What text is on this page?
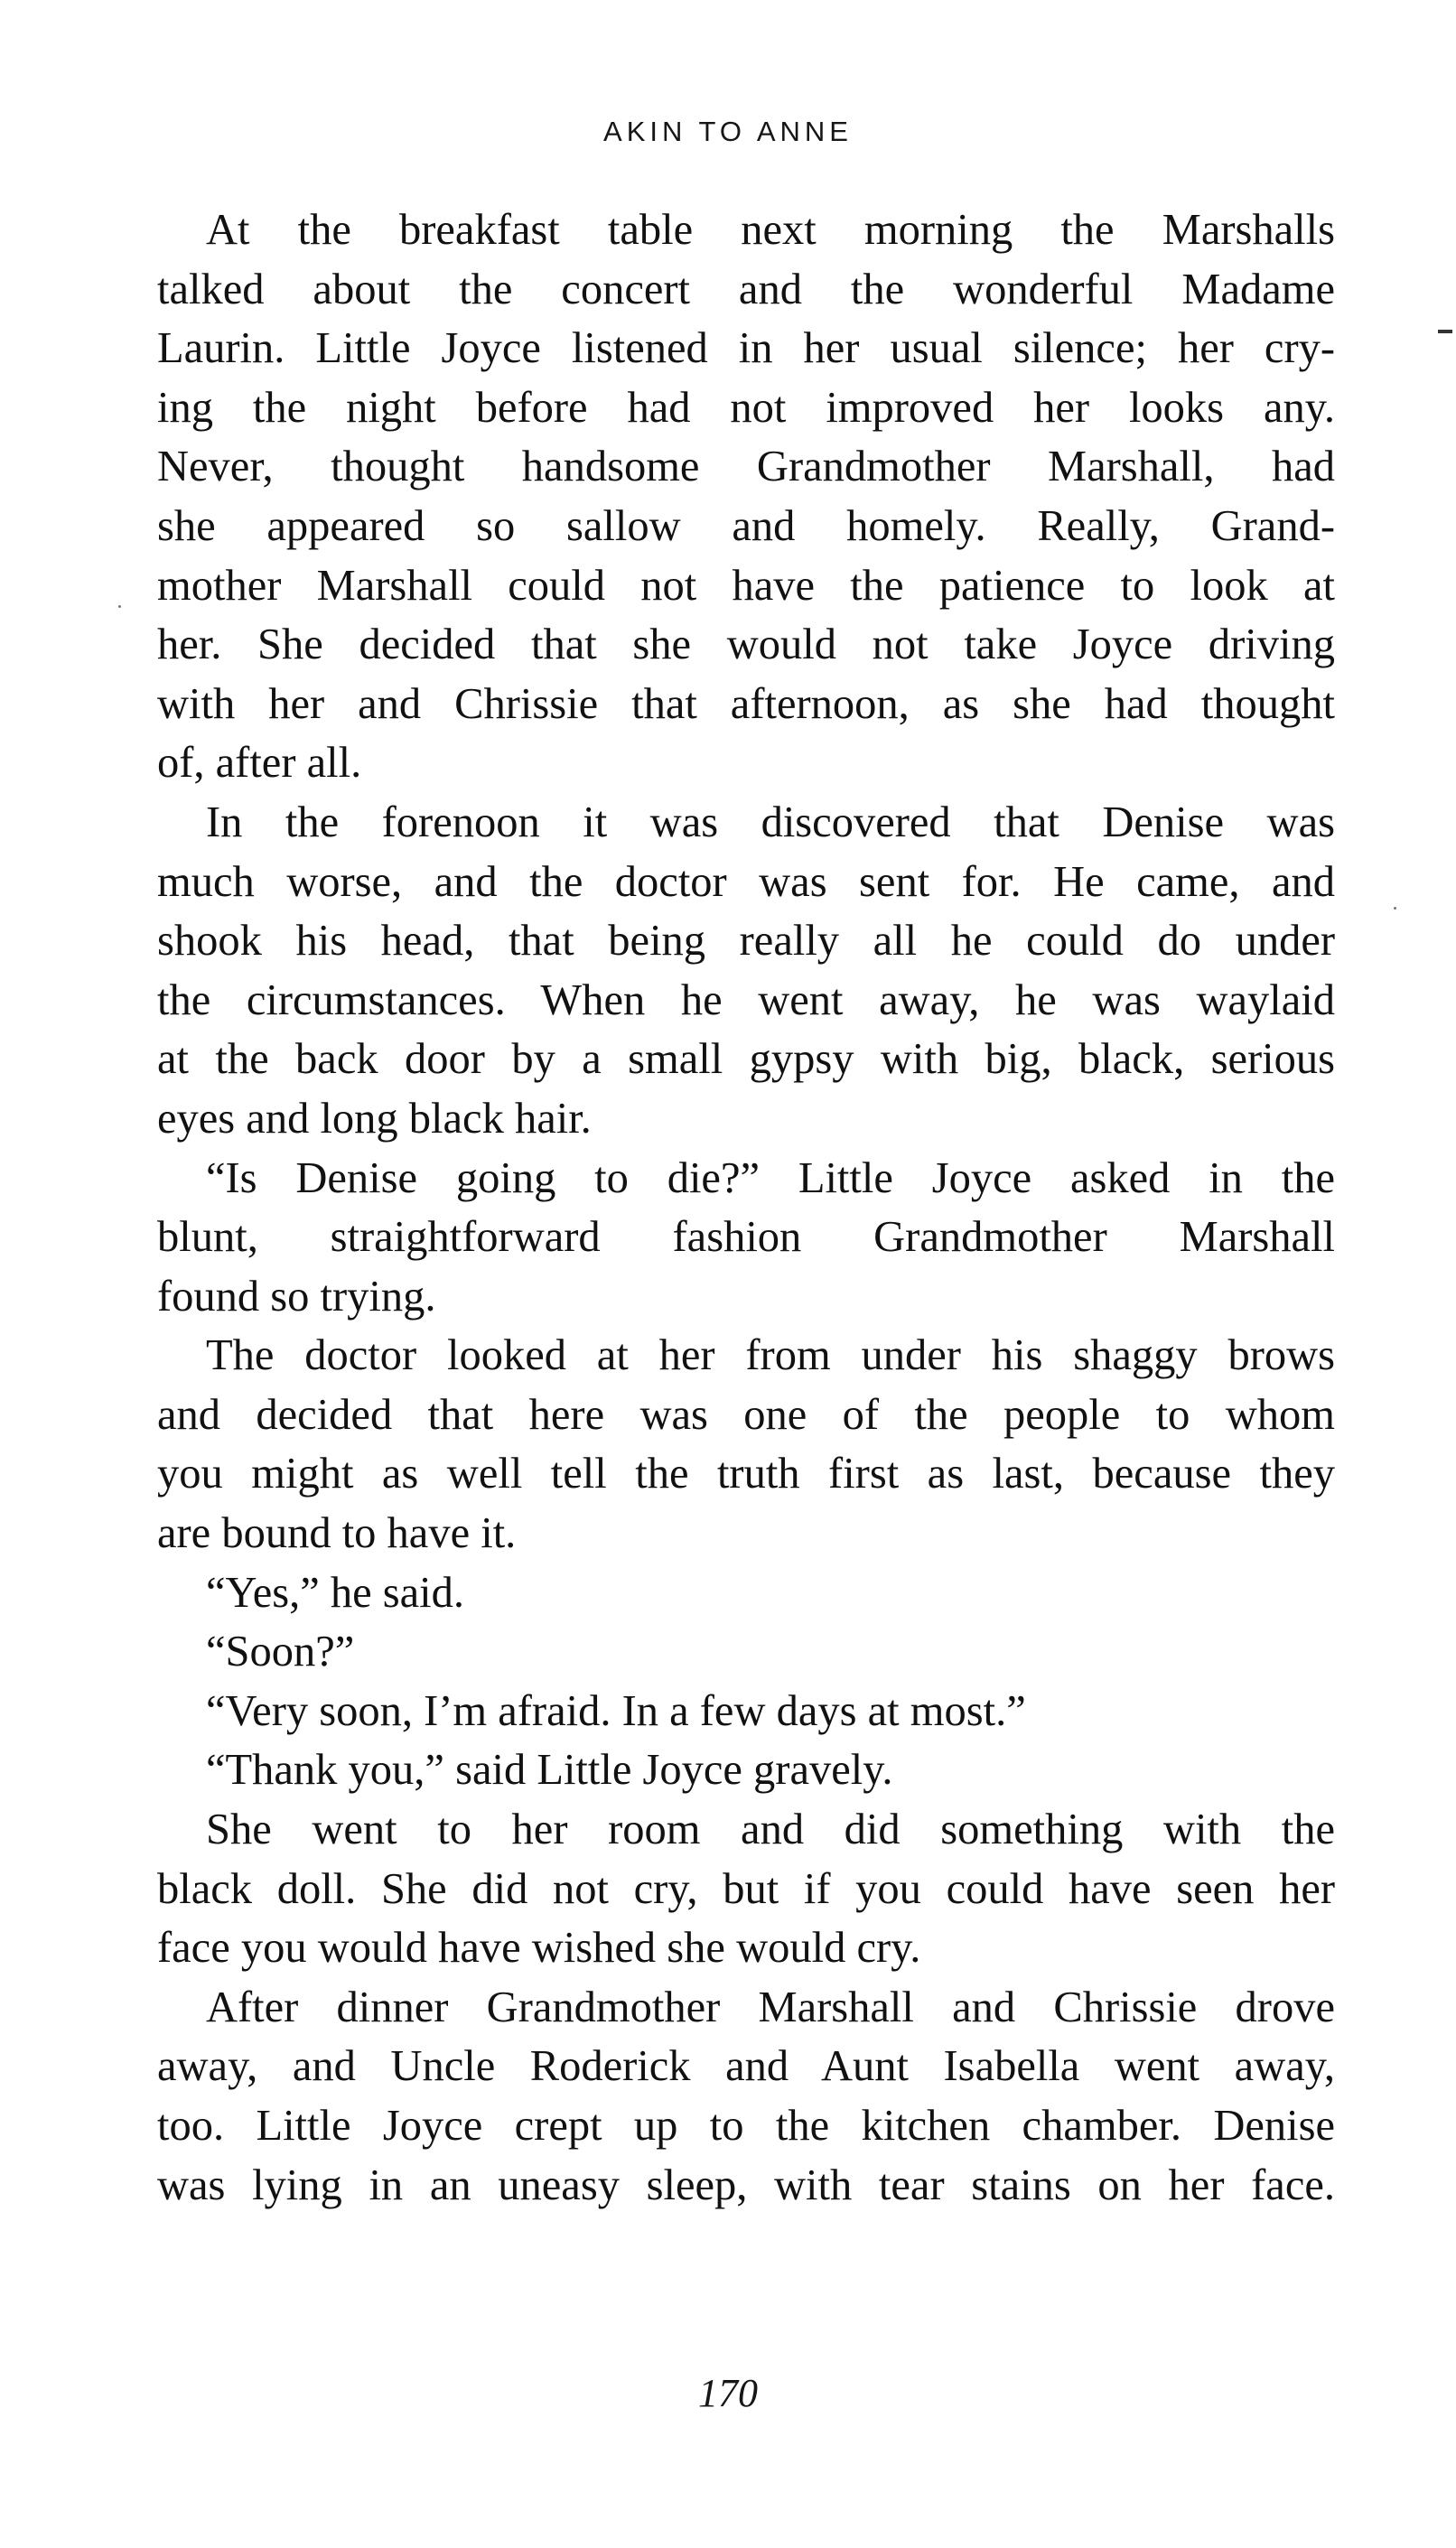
AKIN TO ANNE
At the breakfast table next morning the Marshalls
talked about the concert and the wonderful Madame
Laurin. Little Joyce listened in her usual silence; her cry-
ing the night before had not improved her looks any.
Never, thought handsome Grandmother Marshall, had
she appeared so sallow and homely. Really, Grand-
mother Marshall could not have the patience to look at
her. She decided that she would not take Joyce driving
with her and Chrissie that afternoon, as she had thought
of, after all.
In the forenoon it was discovered that Denise was
much worse, and the doctor was sent for. He came, and
shook his head, that being really all he could do under
the circumstances. When he went away, he was waylaid
at the back door by a small gypsy with big, black, serious
eyes and long black hair.
“Is Denise going to die?” Little Joyce asked in the
blunt, straightforward fashion Grandmother Marshall
found so trying.
The doctor looked at her from under his shaggy brows
and decided that here was one of the people to whom
you might as well tell the truth first as last, because they
are bound to have it.
“Yes,” he said.
“Soon?”
“Very soon, I’m afraid. In a few days at most.”
“Thank you,” said Little Joyce gravely.
She went to her room and did something with the
black doll. She did not cry, but if you could have seen her
face you would have wished she would cry.
After dinner Grandmother Marshall and Chrissie drove
away, and Uncle Roderick and Aunt Isabella went away,
too. Little Joyce crept up to the kitchen chamber. Denise
was lying in an uneasy sleep, with tear stains on her face.
170
